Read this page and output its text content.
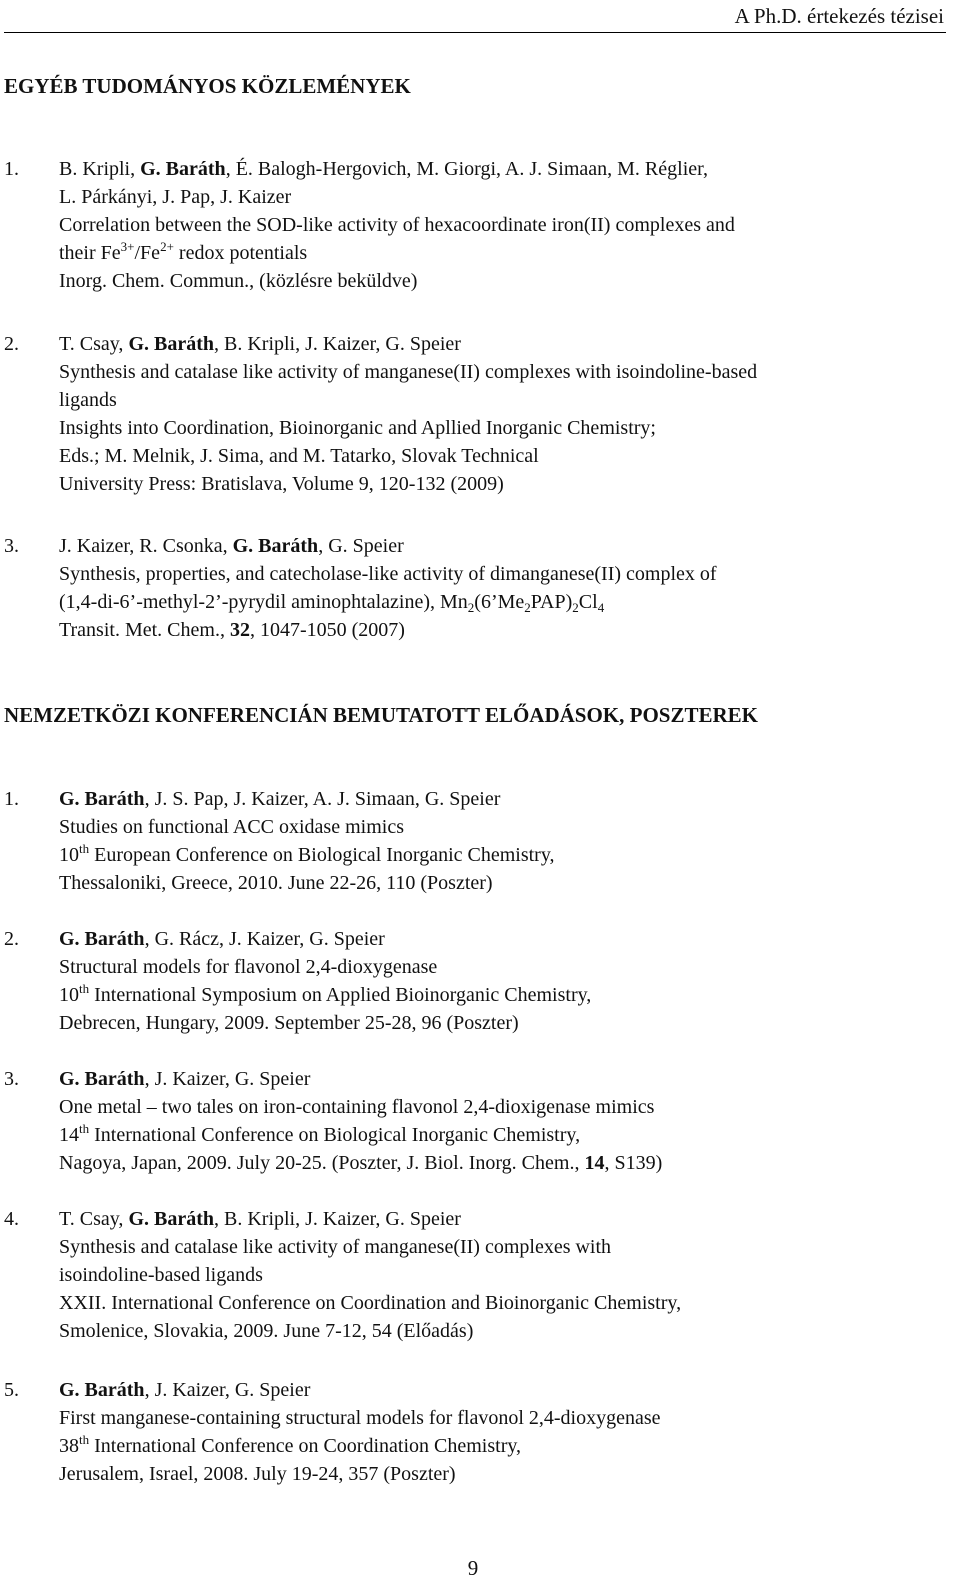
A Ph.D. értekezés tézisei
EGYÉB TUDOMÁNYOS KÖZLEMÉNYEK
1. B. Kripli, G. Baráth, É. Balogh-Hergovich, M. Giorgi, A. J. Simaan, M. Réglier,
L. Párkányi, J. Pap, J. Kaizer
Correlation between the SOD-like activity of hexacoordinate iron(II) complexes and
their $Fe^{3+}/Fe^{2+}$ redox potentials
Inorg. Chem. Commun., (közlésre beküldve)
2. T. Csay, G. Baráth, B. Kripli, J. Kaizer, G. Speier
Synthesis and catalase like activity of manganese(II) complexes with isoindoline-based
ligands
Insights into Coordination, Bioinorganic and Apllied Inorganic Chemistry;
Eds.; M. Melnik, J. Sima, and M. Tatarko, Slovak Technical
University Press: Bratislava, Volume 9, 120-132 (2009)
3. J. Kaizer, R. Csonka, G. Baráth, G. Speier
Synthesis, properties, and catecholase-like activity of dimanganese(II) complex of
(1,4-di-6’-methyl-2’-pyrydil aminophtalazine), $Mn_2(6’Me_2PAP)_2Cl_4$
Transit. Met. Chem., 32, 1047-1050 (2007)
NEMZETKÖZI KONFERENCIÁN BEMUTATOTT ELŐADÁSOK, POSZTEREK
1. G. Baráth, J. S. Pap, J. Kaizer, A. J. Simaan, G. Speier
Studies on functional ACC oxidase mimics
10th European Conference on Biological Inorganic Chemistry,
Thessaloniki, Greece, 2010. June 22-26, 110 (Poszter)
2. G. Baráth, G. Rácz, J. Kaizer, G. Speier
Structural models for flavonol 2,4-dioxygenase
10th International Symposium on Applied Bioinorganic Chemistry,
Debrecen, Hungary, 2009. September 25-28, 96 (Poszter)
3. G. Baráth, J. Kaizer, G. Speier
One metal – two tales on iron-containing flavonol 2,4-dioxigenase mimics
14th International Conference on Biological Inorganic Chemistry,
Nagoya, Japan, 2009. July 20-25. (Poszter, J. Biol. Inorg. Chem., 14, S139)
4. T. Csay, G. Baráth, B. Kripli, J. Kaizer, G. Speier
Synthesis and catalase like activity of manganese(II) complexes with
isoindoline-based ligands
XXII. International Conference on Coordination and Bioinorganic Chemistry,
Smolenice, Slovakia, 2009. June 7-12, 54 (Előadás)
5. G. Baráth, J. Kaizer, G. Speier
First manganese-containing structural models for flavonol 2,4-dioxygenase
38th International Conference on Coordination Chemistry,
Jerusalem, Israel, 2008. July 19-24, 357 (Poszter)
9
